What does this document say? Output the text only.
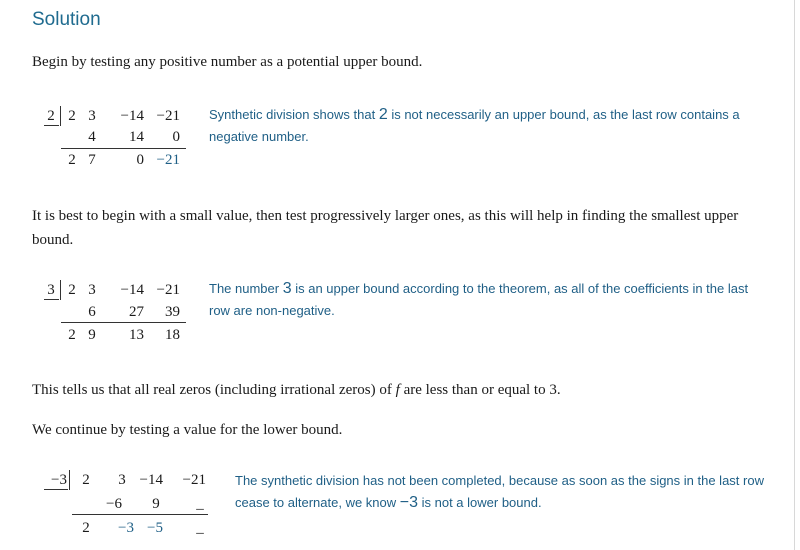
Solution
Begin by testing any positive number as a potential upper bound.
2 2 3 −14 −21
4 14 0
2 7	0 −21
Synthetic division shows that 2 is not necessarily an upper bound, as the last row contains a negative number.
It is best to begin with a small value, then test progressively larger ones, as this will help in finding the smallest upper bound.
3 2 3 −14 −21
6 27 39
2 9 13 18
The number 3 is an upper bound according to the theorem, as all of the coefficients in the last row are non-negative.
This tells us that all real zeros (including irrational zeros) of f are less than or equal to 3.
We continue by testing a value for the lower bound.
−3 2 3 −14 −21
−6 9 _
2 −3 −5 _
The synthetic division has not been completed, because as soon as the signs in the last row cease to alternate, we know −3 is not a lower bound.
